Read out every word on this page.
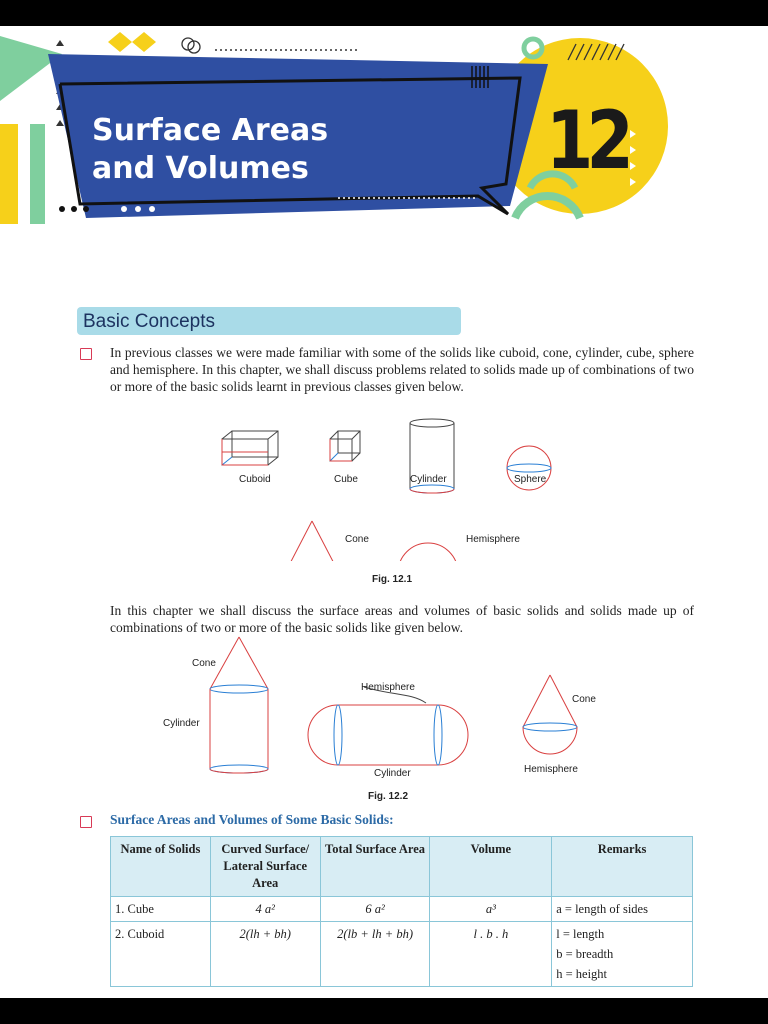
Surface Areas
and Volumes	12
Basic Concepts
In previous classes we were made familiar with some of the solids like cuboid, cone, cylinder, cube, sphere and hemisphere. In this chapter, we shall discuss problems related to solids made up of combinations of two or more of the basic solids learnt in previous classes given below.
Cuboid	Cube	Cylinder	Sphere
Cone	Hemisphere
Fig. 12.1
In this chapter we shall discuss the surface areas and volumes of basic solids and solids made up of combinations of two or more of the basic solids like given below.
Cone
Cylinder
Hemisphere
Cylinder
Cone
Hemisphere
Fig. 12.2
Surface Areas and Volumes of Some Basic Solids:
Name of Solids	Curved Surface/ Lateral Surface Area	Total Surface Area	Volume	Remarks
1. Cube	4 a²	6 a²	a³	a = length of sides

2. Cuboid	2(lh + bh)	2(lb + lh + bh)	l . b . h	l = length
b = breadth
h = height
